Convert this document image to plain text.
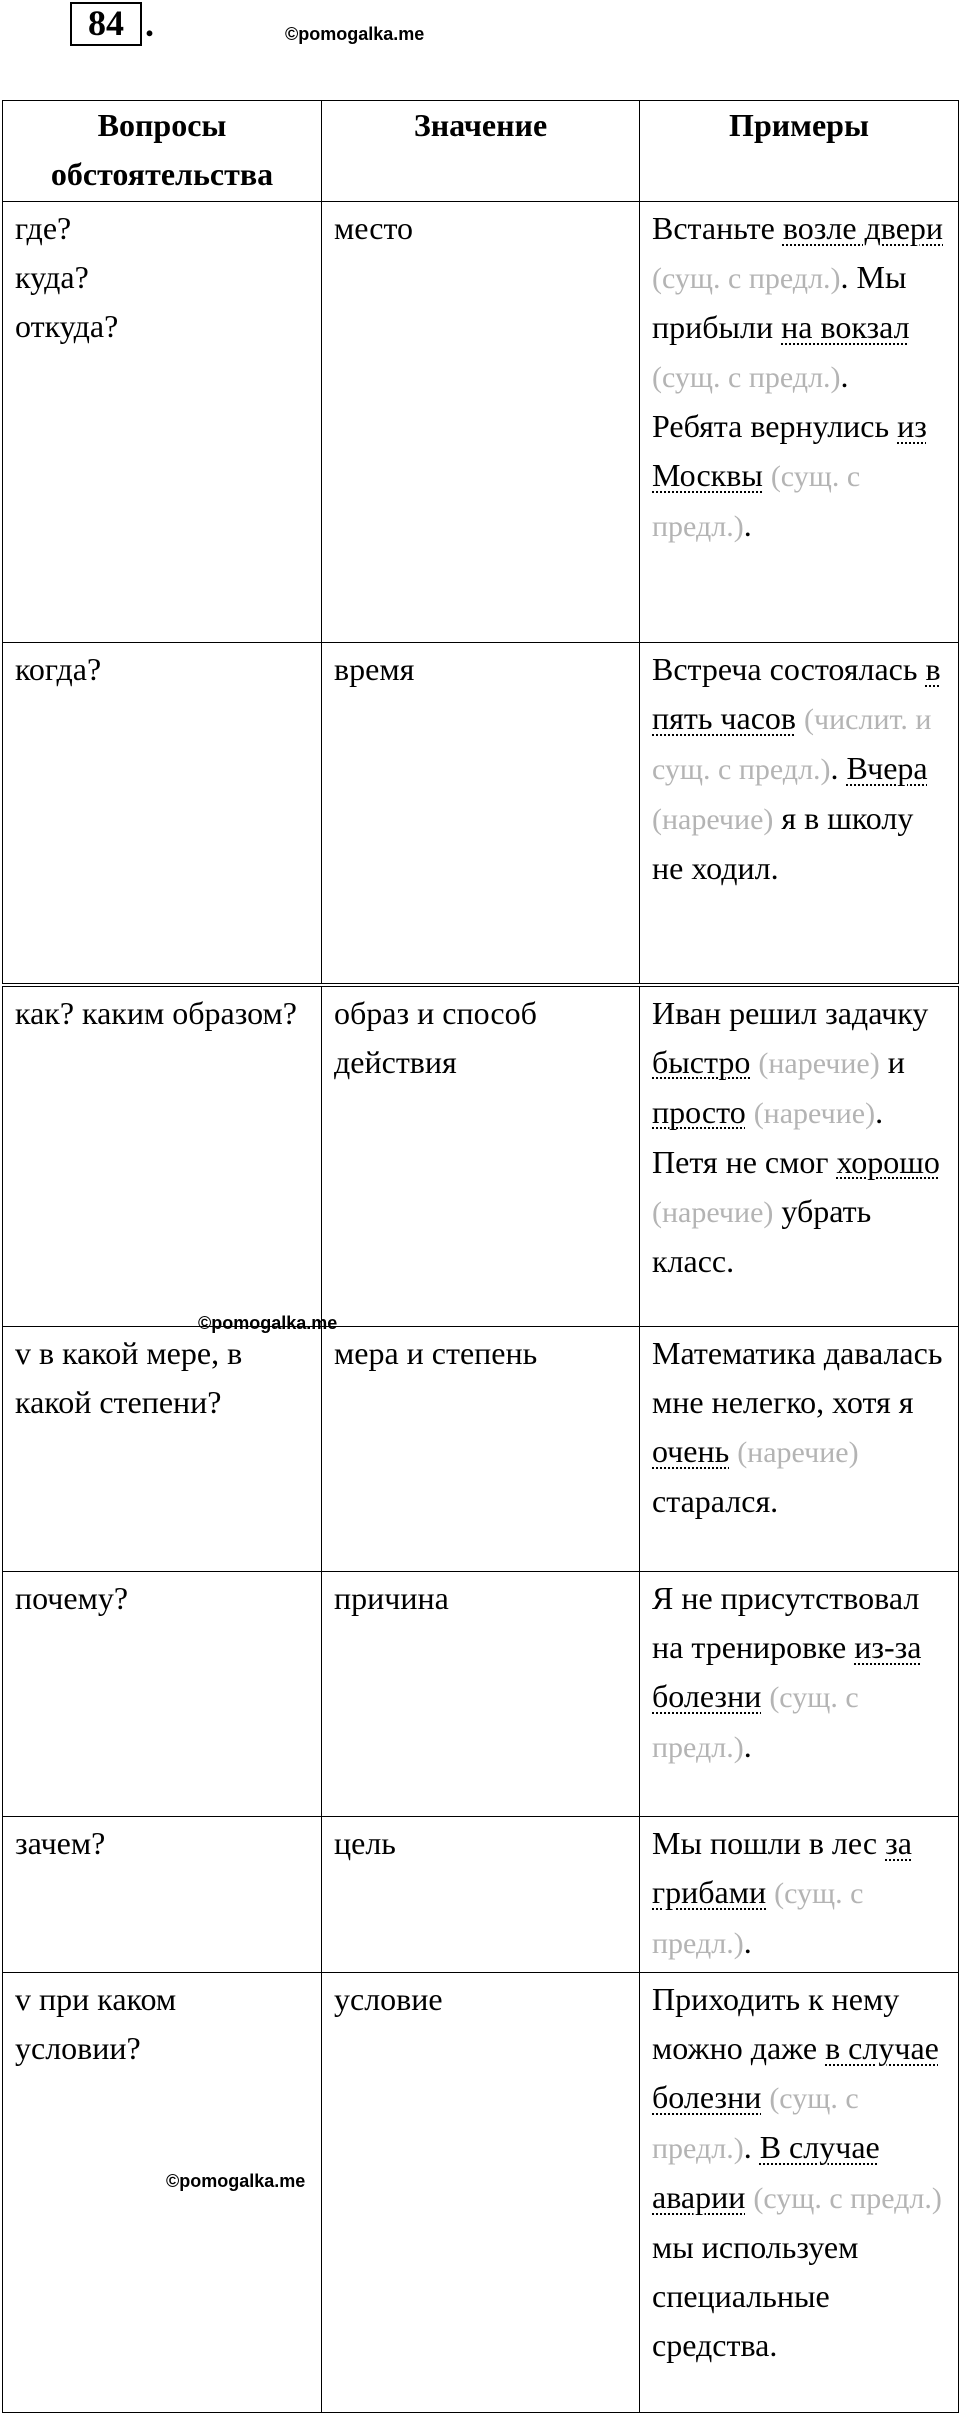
84 .	©pomogalka.me
Вопросы обстоятельства	Значение	Примеры

где?
куда?
откуда?	место	Встаньте возле двери (сущ. с предл.). Мы прибыли на вокзал (сущ. с предл.). Ребята вернулись из Москвы (сущ. с предл.).

когда?	время	Встреча состоялась в пять часов (числит. и сущ. с предл.). Вчера (наречие) я в школу не ходил.

как? каким образом?	образ и способ действия	Иван решил задачку быстро (наречие) и просто (наречие). Петя не смог хорошо (наречие) убрать класс.

v в какой мере, в какой степени?	мера и степень	Математика давалась мне нелегко, хотя я очень (наречие) старался.

почему?	причина	Я не присутствовал на тренировке из-за болезни (сущ. с предл.).

зачем?	цель	Мы пошли в лес за грибами (сущ. с предл.).

v при каком условии?	условие	Приходить к нему можно даже в случае болезни (сущ. с предл.). В случае аварии (сущ. с предл.) мы используем специальные средства.
©pomogalka.me
©pomogalka.me
